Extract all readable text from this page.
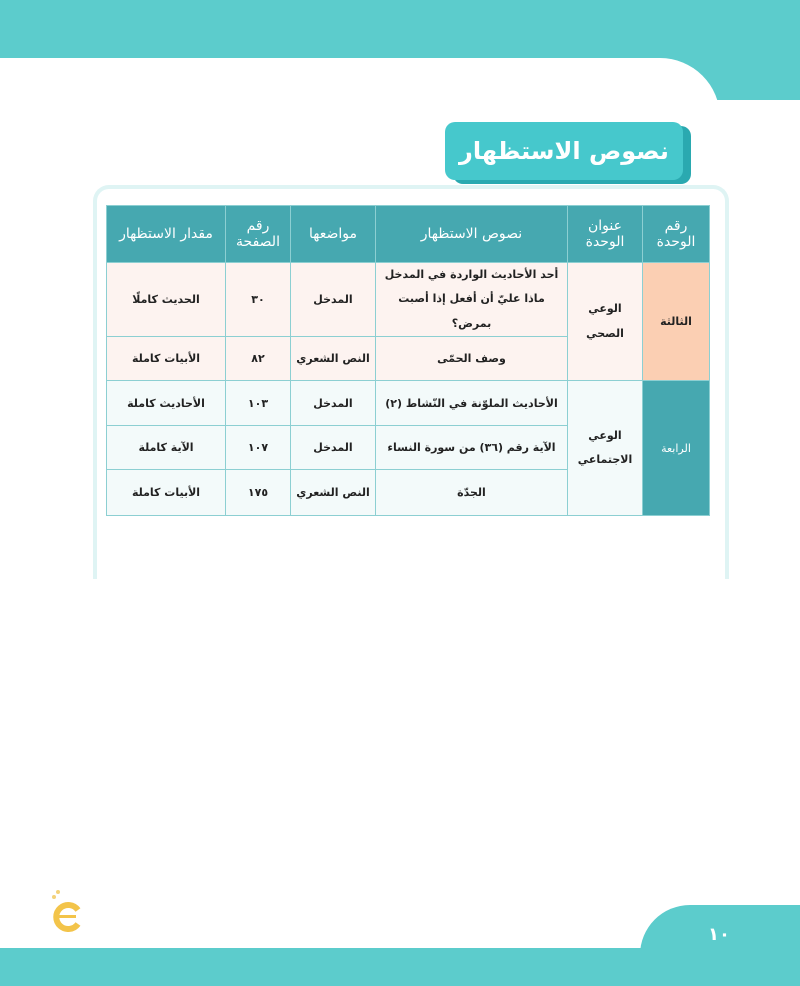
١٠
نصوص الاستظهار
رقم الوحدة	عنوان الوحدة	نصوص الاستظهار	مواضعها	رقم الصفحة	مقدار الاستظهار
الثالثة	الوعي الصحي	أحد الأحاديث الواردة في المدخل ماذا عليّ أن أفعل إذا أصبت بمرض؟	المدخل	٣٠	الحديث كاملًا
		وصف الحمّى	النص الشعري	٨٢	الأبيات كاملة
الرابعة	الوعي الاجتماعي	الأحاديث الملوّنة في النّشاط (٢)	المدخل	١٠٣	الأحاديث كاملة
		الآية رقم (٣٦) من سورة النساء	المدخل	١٠٧	الآية كاملة
		الجدّة	النص الشعري	١٧٥	الأبيات كاملة
